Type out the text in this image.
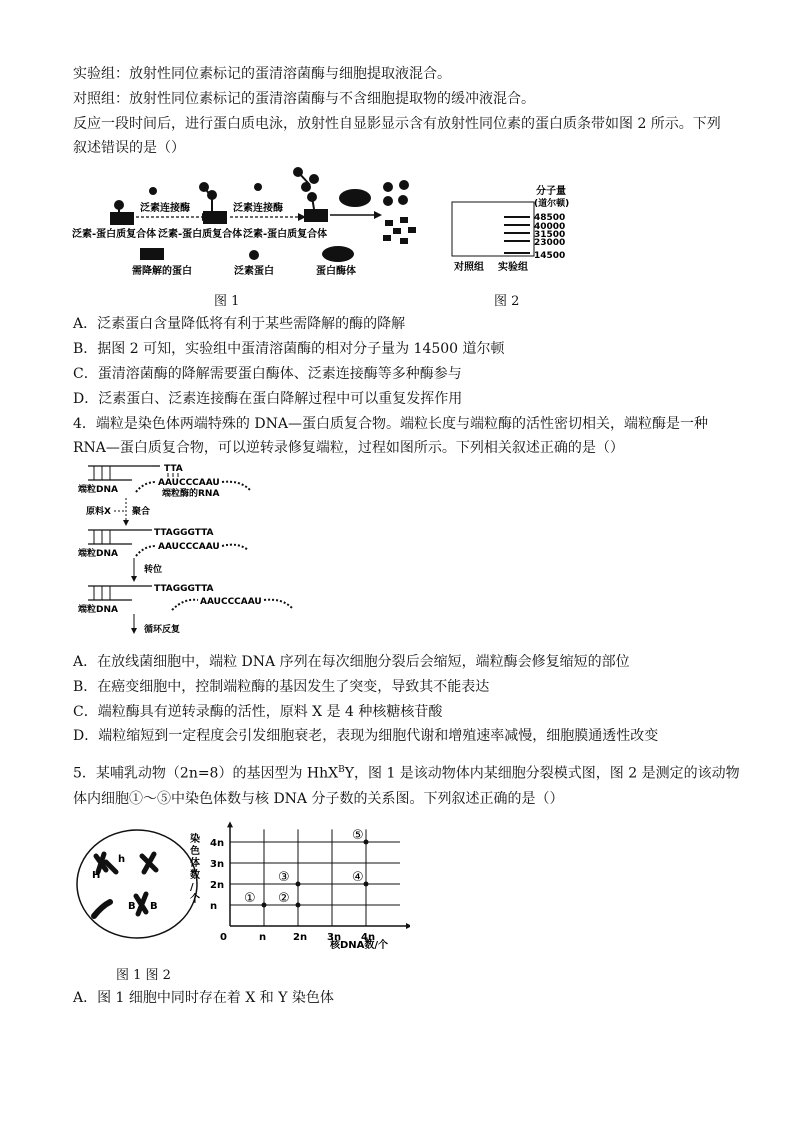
实验组：放射性同位素标记的蛋清溶菌酶与细胞提取液混合。
对照组：放射性同位素标记的蛋清溶菌酶与不含细胞提取物的缓冲液混合。
反应一段时间后，进行蛋白质电泳，放射性自显影显示含有放射性同位素的蛋白质条带如图 2 所示。下列
叙述错误的是（）
泛素连接酶	泛素连接酶
泛素-蛋白质复合体 泛素-蛋白质复合体 泛素-蛋白质复合体
需降解的蛋白	泛素蛋白	蛋白酶体
图 1
分子量
(道尔顿)
48500
40000
31500
23000
14500
对照组 实验组
图 2
A．泛素蛋白含量降低将有利于某些需降解的酶的降解
B．据图 2 可知，实验组中蛋清溶菌酶的相对分子量为 14500 道尔顿
C．蛋清溶菌酶的降解需要蛋白酶体、泛素连接酶等多种酶参与
D．泛素蛋白、泛素连接酶在蛋白降解过程中可以重复发挥作用
4．端粒是染色体两端特殊的 DNA—蛋白质复合物。端粒长度与端粒酶的活性密切相关，端粒酶是一种
RNA—蛋白质复合物，可以逆转录修复端粒，过程如图所示。下列相关叙述正确的是（）
TTA
AAUCCCAAU
端粒DNA	端粒酶的RNA
原料X 聚合
TTAGGGTTA
AAUCCCAAU
端粒DNA
转位
TTAGGGTTA
AAUCCCAAU
端粒DNA
循环反复
A．在放线菌细胞中，端粒 DNA 序列在每次细胞分裂后会缩短，端粒酶会修复缩短的部位
B．在癌变细胞中，控制端粒酶的基因发生了突变，导致其不能表达
C．端粒酶具有逆转录酶的活性，原料 X 是 4 种核糖核苷酸
D．端粒缩短到一定程度会引发细胞衰老，表现为细胞代谢和增殖速率减慢，细胞膜通透性改变
5．某哺乳动物（2n=8）的基因型为 HhX$^B$Y，图 1 是该动物体内某细胞分裂模式图，图 2 是测定的该动物
体内细胞①～⑤中染色体数与核 DNA 分子数的关系图。下列叙述正确的是（）
h
H
B B
0	n	2n 3n 4n
n
2n
3n
4n
① ②
③	④
⑤
染色体数/个
核DNA数/个
图 1 图 2
A．图 1 细胞中同时存在着 X 和 Y 染色体
